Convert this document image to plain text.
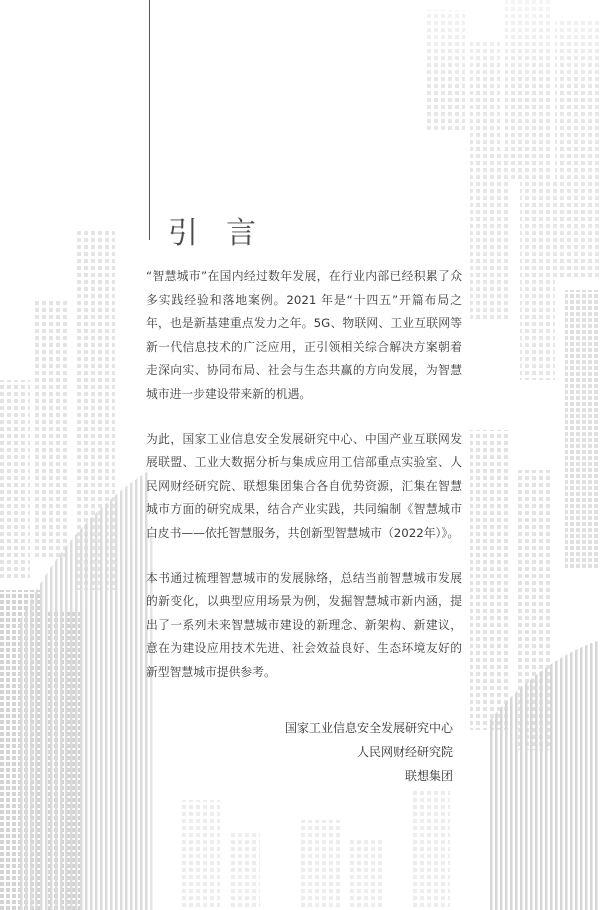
引言

“智慧城市”在国内经过数年发展，在行业内部已经积累了众多实践经验和落地案例。2021 年是“十四五”开篇布局之年，也是新基建重点发力之年。5G、物联网、工业互联网等新一代信息技术的广泛应用，正引领相关综合解决方案朝着走深向实、协同布局、社会与生态共赢的方向发展，为智慧城市进一步建设带来新的机遇。

为此，国家工业信息安全发展研究中心、中国产业互联网发展联盟、工业大数据分析与集成应用工信部重点实验室、人民网财经研究院、联想集团集合各自优势资源，汇集在智慧城市方面的研究成果，结合产业实践，共同编制《智慧城市白皮书——依托智慧服务，共创新型智慧城市（2022年）》。

本书通过梳理智慧城市的发展脉络，总结当前智慧城市发展的新变化，以典型应用场景为例，发掘智慧城市新内涵，提出了一系列未来智慧城市建设的新理念、新架构、新建议，意在为建设应用技术先进、社会效益良好、生态环境友好的新型智慧城市提供参考。

国家工业信息安全发展研究中心
人民网财经研究院
联想集团
